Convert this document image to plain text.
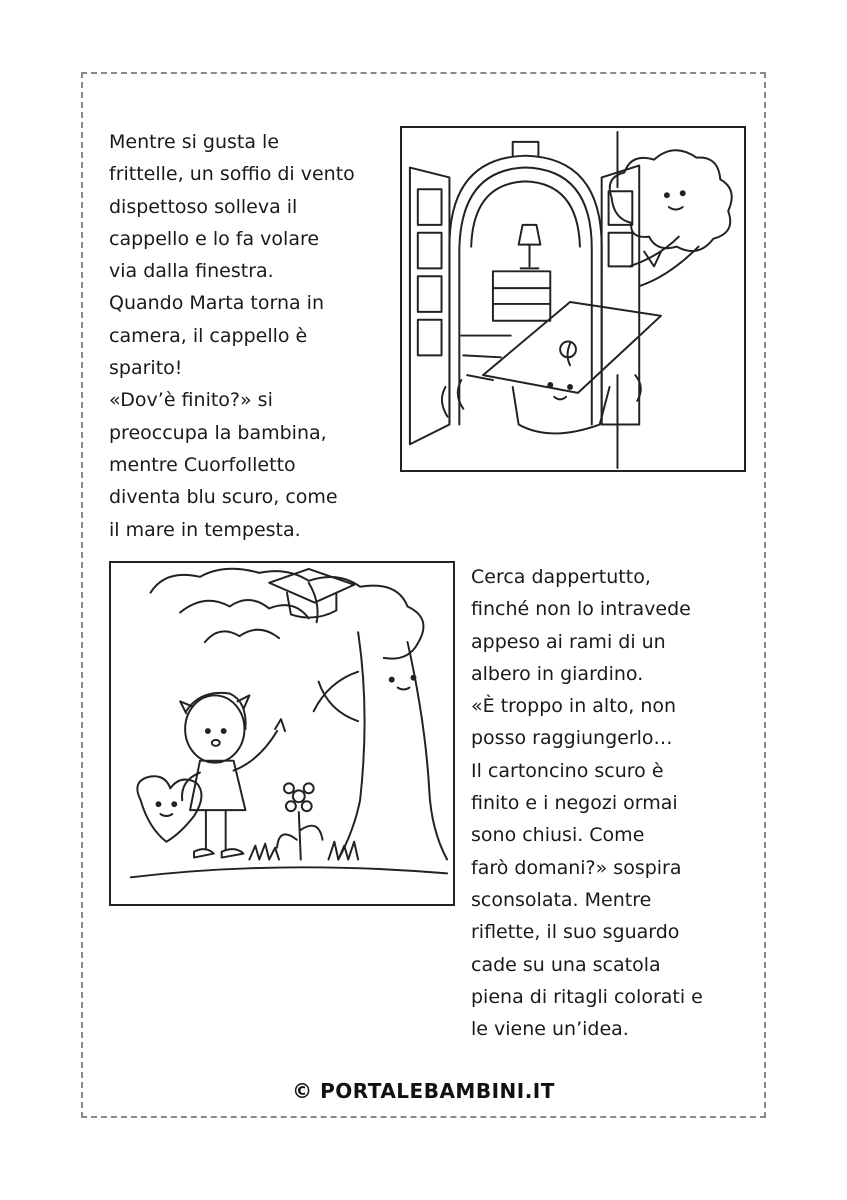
Mentre si gusta le
frittelle, un soffio di vento
dispettoso solleva il
cappello e lo fa volare
via dalla finestra.
Quando Marta torna in
camera, il cappello è
sparito!
«Dov’è finito?» si
preoccupa la bambina,
mentre Cuorfolletto
diventa blu scuro, come
il mare in tempesta.
Cerca dappertutto,
finché non lo intravede
appeso ai rami di un
albero in giardino.
«È troppo in alto, non
posso raggiungerlo…
Il cartoncino scuro è
finito e i negozi ormai
sono chiusi. Come
farò domani?» sospira
sconsolata. Mentre
riflette, il suo sguardo
cade su una scatola
piena di ritagli colorati e
le viene un’idea.
© PORTALEBAMBINI.IT
